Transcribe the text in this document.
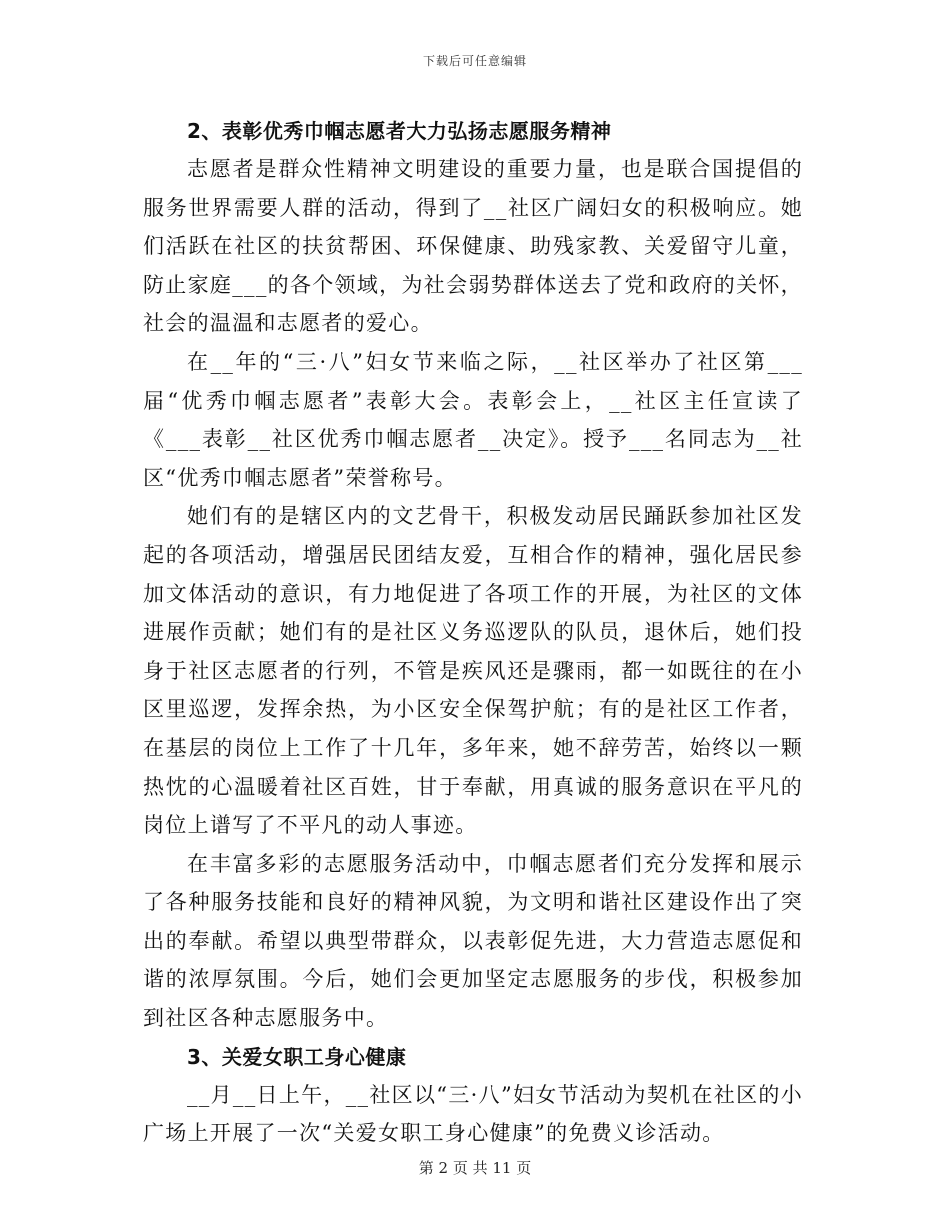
下载后可任意编辑
2、表彰优秀巾帼志愿者大力弘扬志愿服务精神

志愿者是群众性精神文明建设的重要力量，也是联合国提倡的服务世界需要人群的活动，得到了__社区广阔妇女的积极响应。她们活跃在社区的扶贫帮困、环保健康、助残家教、关爱留守儿童，防止家庭___的各个领域，为社会弱势群体送去了党和政府的关怀，社会的温温和志愿者的爱心。

在__年的“三·八”妇女节来临之际，__社区举办了社区第___届“优秀巾帼志愿者”表彰大会。表彰会上，__社区主任宣读了《___表彰__社区优秀巾帼志愿者__决定》。授予___名同志为__社区“优秀巾帼志愿者”荣誉称号。

她们有的是辖区内的文艺骨干，积极发动居民踊跃参加社区发起的各项活动，增强居民团结友爱，互相合作的精神，强化居民参加文体活动的意识，有力地促进了各项工作的开展，为社区的文体进展作贡献；她们有的是社区义务巡逻队的队员，退休后，她们投身于社区志愿者的行列，不管是疾风还是骤雨，都一如既往的在小区里巡逻，发挥余热，为小区安全保驾护航；有的是社区工作者，在基层的岗位上工作了十几年，多年来，她不辞劳苦，始终以一颗热忱的心温暖着社区百姓，甘于奉献，用真诚的服务意识在平凡的岗位上谱写了不平凡的动人事迹。

在丰富多彩的志愿服务活动中，巾帼志愿者们充分发挥和展示了各种服务技能和良好的精神风貌，为文明和谐社区建设作出了突出的奉献。希望以典型带群众，以表彰促先进，大力营造志愿促和谐的浓厚氛围。今后，她们会更加坚定志愿服务的步伐，积极参加到社区各种志愿服务中。

3、关爱女职工身心健康

__月__日上午，__社区以“三·八”妇女节活动为契机在社区的小广场上开展了一次“关爱女职工身心健康”的免费义诊活动。

第 2 页 共 11 页
